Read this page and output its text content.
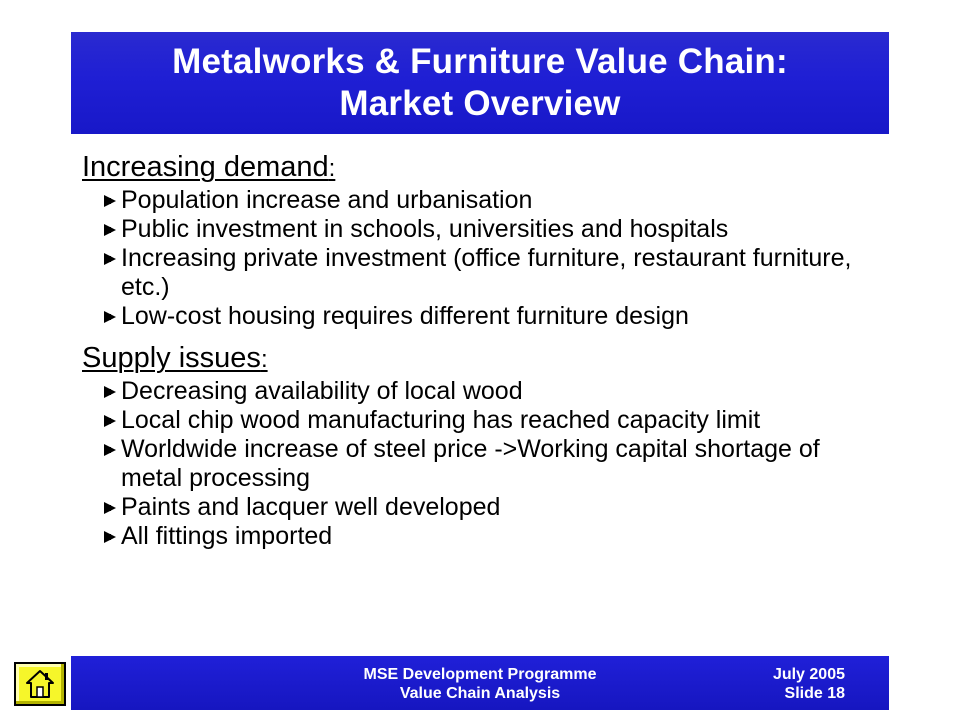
Metalworks & Furniture Value Chain:
Market Overview
Increasing demand:
Population increase and urbanisation
Public investment in schools, universities and hospitals
Increasing private investment (office furniture, restaurant furniture, etc.)
Low-cost housing requires different furniture design
Supply issues:
Decreasing availability of local wood
Local chip wood manufacturing has reached capacity limit
Worldwide increase of steel price ->Working capital shortage of metal processing
Paints and lacquer well developed
All fittings imported
MSE Development Programme
Value Chain Analysis
July 2005
Slide 18
